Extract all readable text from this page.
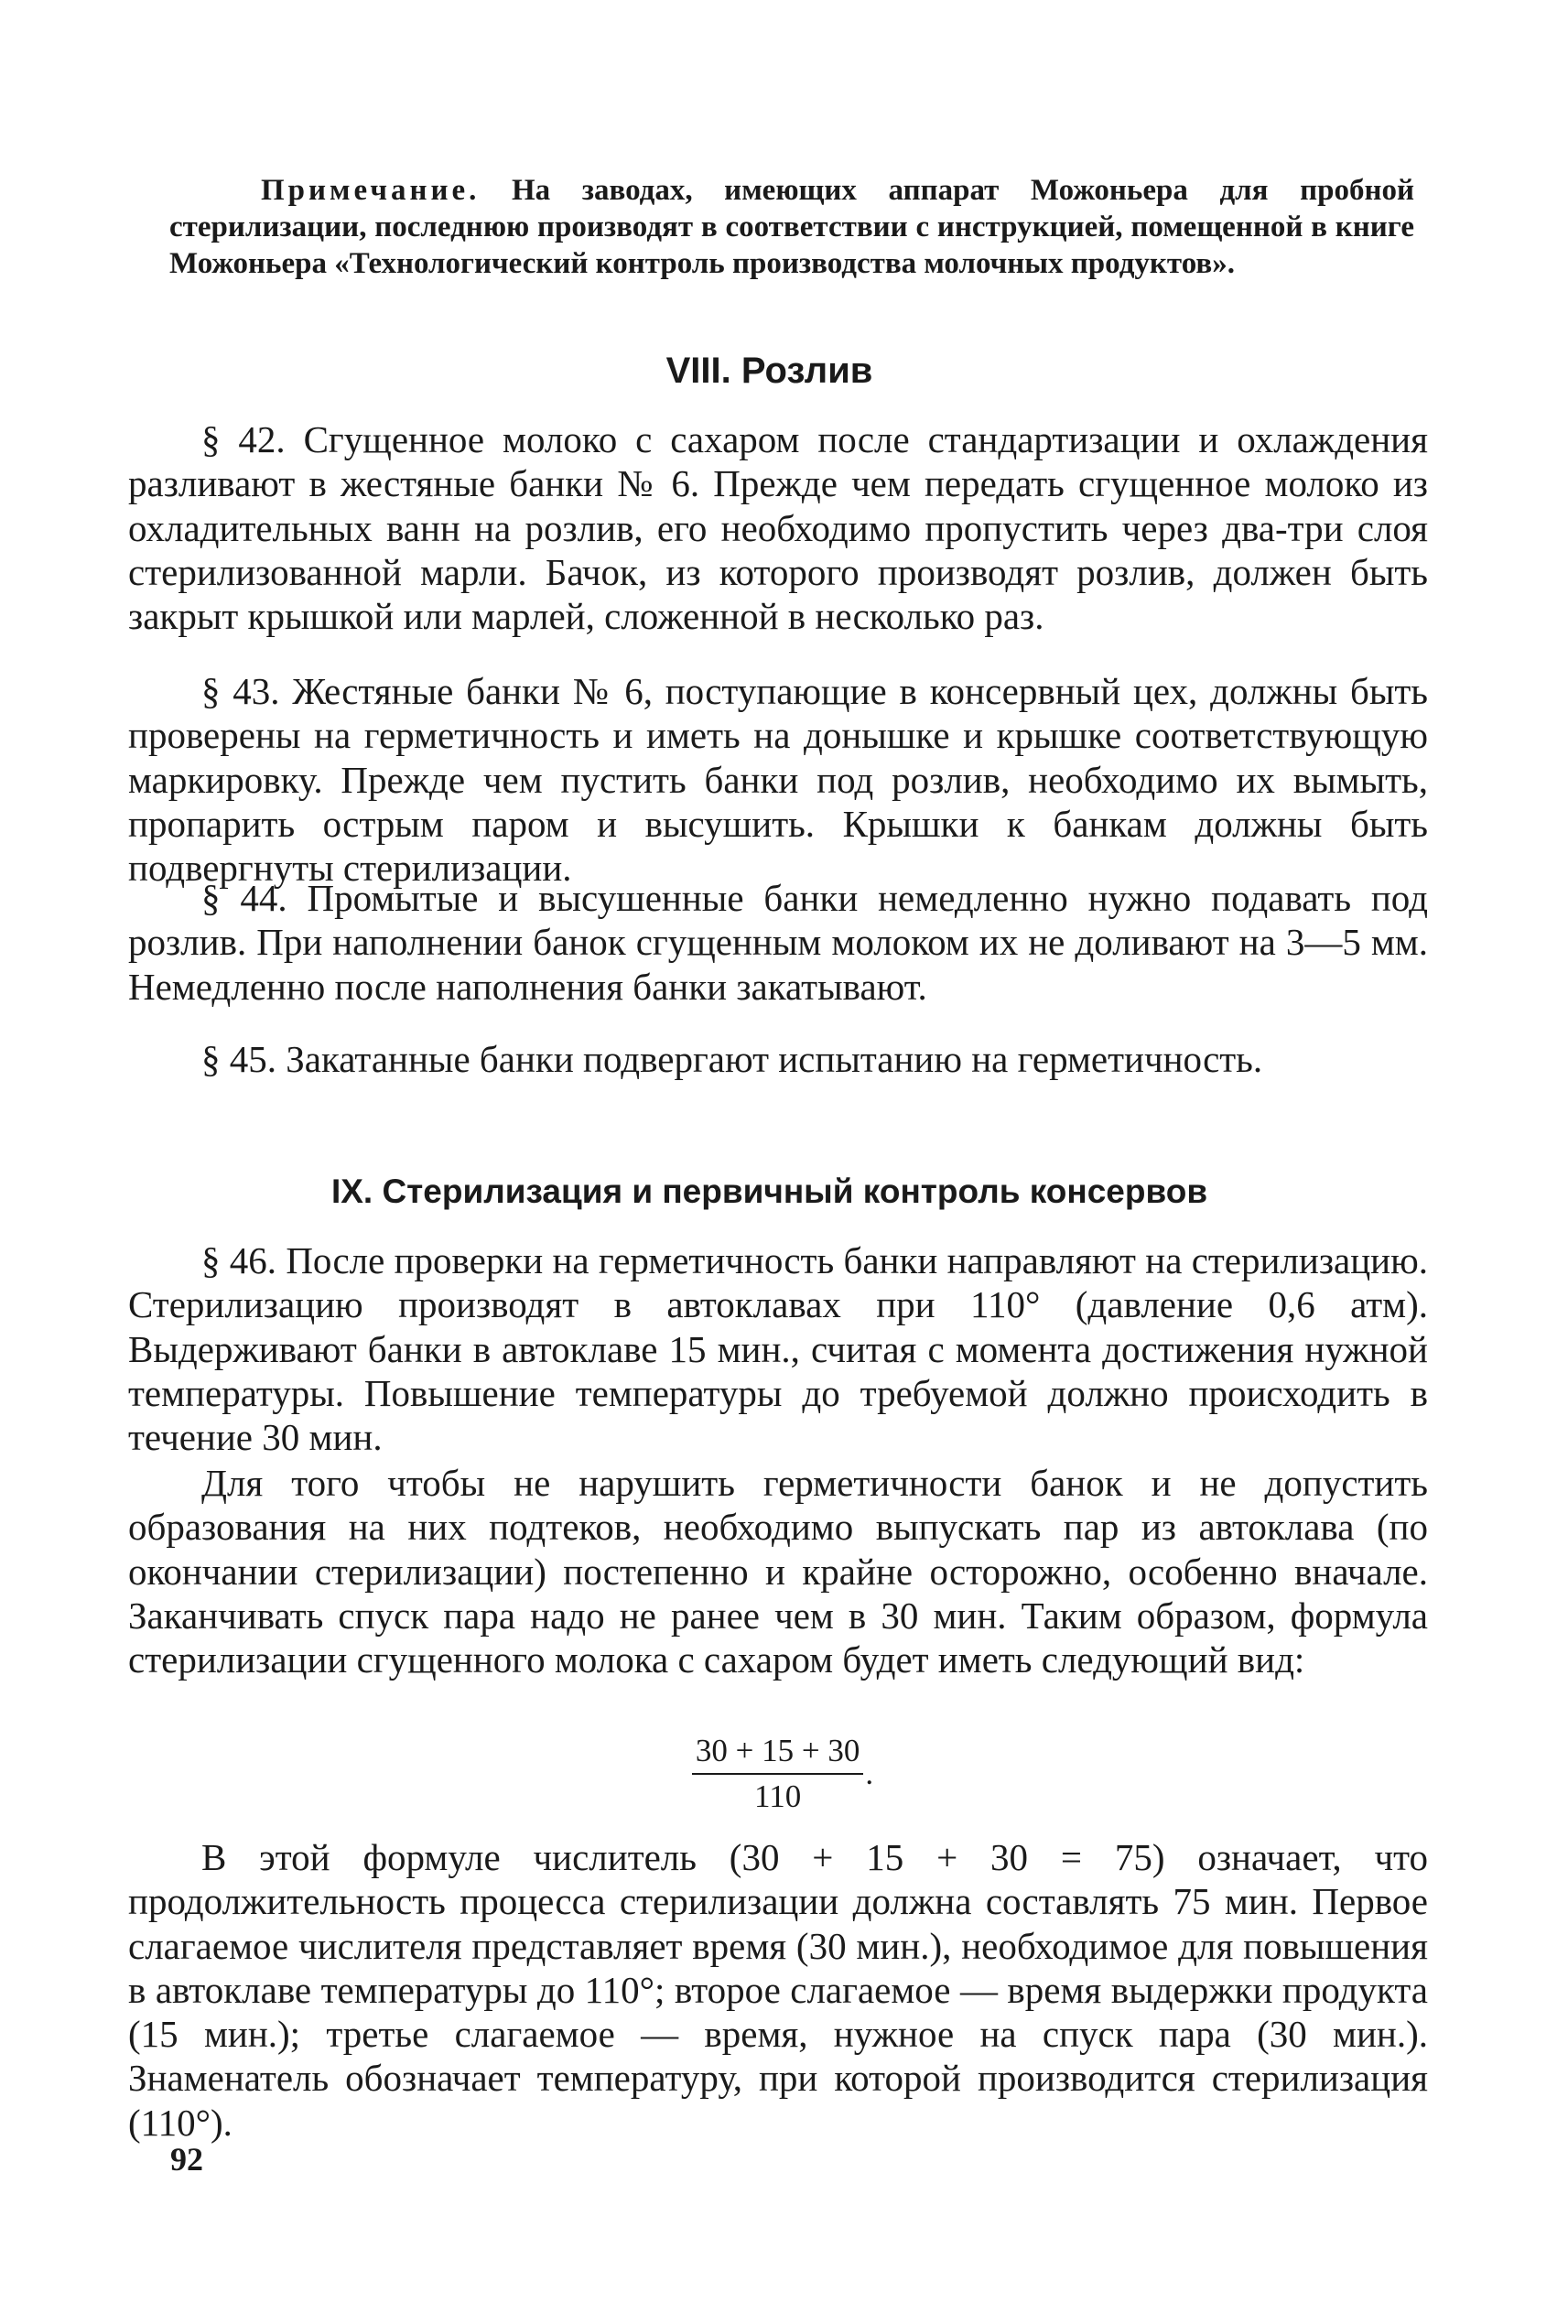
Примечание. На заводах, имеющих аппарат Можоньера для пробной стерилизации, последнюю производят в соответствии с инструкцией, помещенной в книге Можоньера «Технологический контроль производства молочных продуктов».
VIII. Розлив
§ 42. Сгущенное молоко с сахаром после стандартизации и охлаждения разливают в жестяные банки № 6. Прежде чем передать сгущенное молоко из охладительных ванн на розлив, его необходимо пропустить через два-три слоя стерилизованной марли. Бачок, из которого производят розлив, должен быть закрыт крышкой или марлей, сложенной в несколько раз.
§ 43. Жестяные банки № 6, поступающие в консервный цех, должны быть проверены на герметичность и иметь на донышке и крышке соответствующую маркировку. Прежде чем пустить банки под розлив, необходимо их вымыть, пропарить острым паром и высушить. Крышки к банкам должны быть подвергнуты стерилизации.
§ 44. Промытые и высушенные банки немедленно нужно подавать под розлив. При наполнении банок сгущенным молоком их не доливают на 3—5 мм. Немедленно после наполнения банки закатывают.
§ 45. Закатанные банки подвергают испытанию на герметичность.
IX. Стерилизация и первичный контроль консервов
§ 46. После проверки на герметичность банки направляют на стерилизацию. Стерилизацию производят в автоклавах при 110° (давление 0,6 атм). Выдерживают банки в автоклаве 15 мин., считая с момента достижения нужной температуры. Повышение температуры до требуемой должно происходить в течение 30 мин.
Для того чтобы не нарушить герметичности банок и не допустить образования на них подтеков, необходимо выпускать пар из автоклава (по окончании стерилизации) постепенно и крайне осторожно, особенно вначале. Заканчивать спуск пара надо не ранее чем в 30 мин. Таким образом, формула стерилизации сгущенного молока с сахаром будет иметь следующий вид:
$\frac{30 + 15 + 30}{110}$ .
В этой формуле числитель (30 + 15 + 30 = 75) означает, что продолжительность процесса стерилизации должна составлять 75 мин. Первое слагаемое числителя представляет время (30 мин.), необходимое для повышения в автоклаве температуры до 110°; второе слагаемое — время выдержки продукта (15 мин.); третье слагаемое — время, нужное на спуск пара (30 мин.). Знаменатель обозначает температуру, при которой производится стерилизация (110°).
92
